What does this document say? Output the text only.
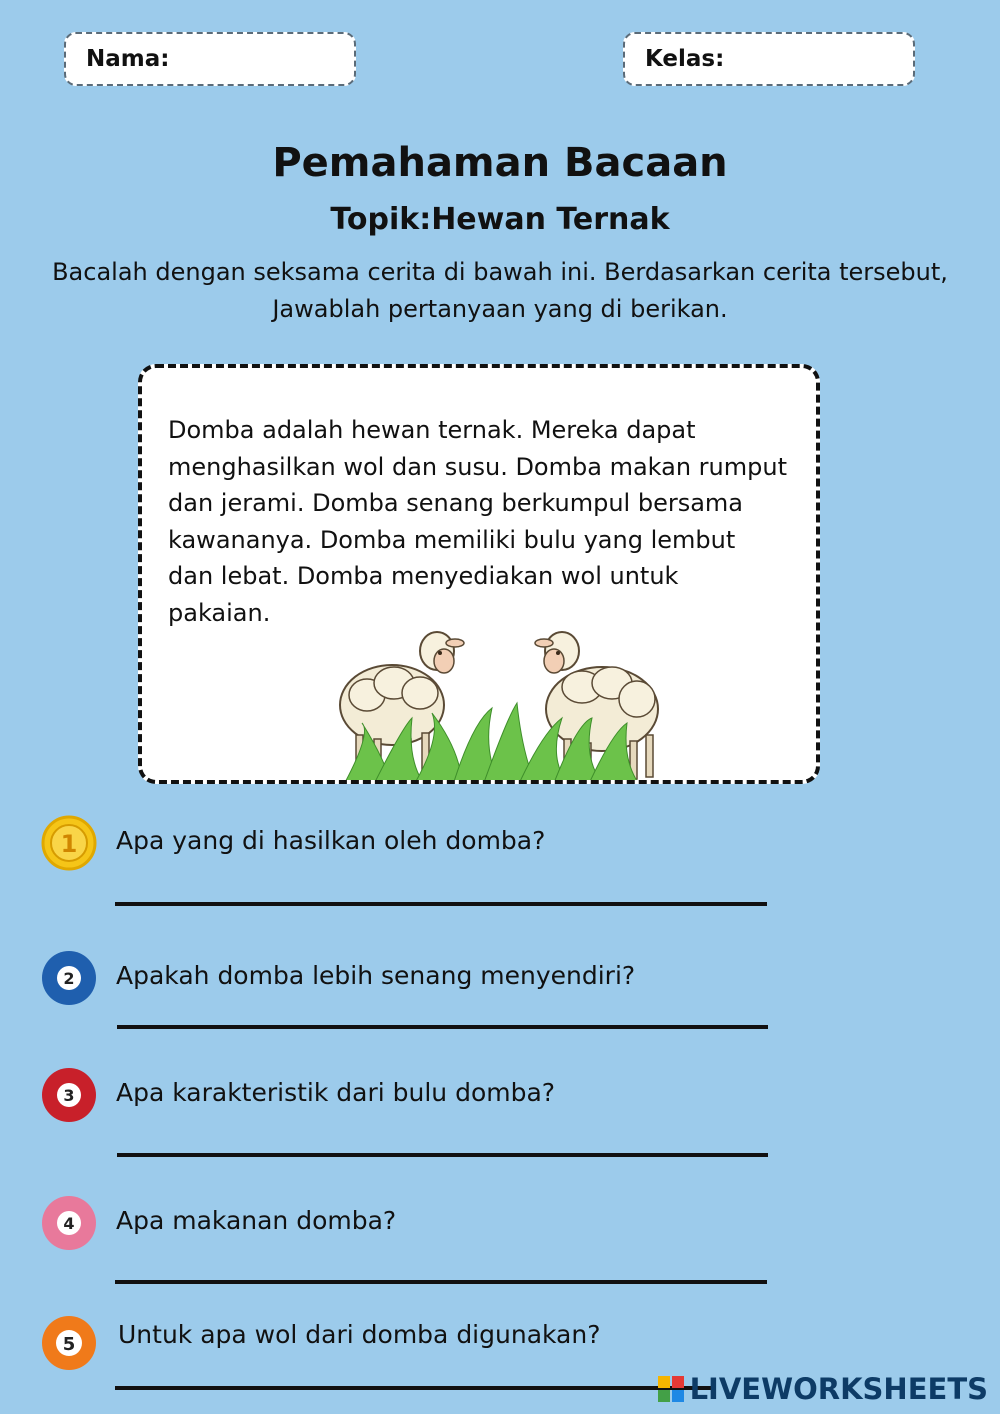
Nama:	Kelas:
Pemahaman Bacaan
Topik:Hewan Ternak

Bacalah dengan seksama cerita di bawah ini. Berdasarkan cerita tersebut, Jawablah pertanyaan yang di berikan.

Domba adalah hewan ternak. Mereka dapat menghasilkan wol dan susu. Domba makan rumput dan jerami. Domba senang berkumpul bersama kawananya. Domba memiliki bulu yang lembut dan lebat. Domba menyediakan wol untuk pakaian.

1 Apa yang di hasilkan oleh domba?
2 Apakah domba lebih senang menyendiri?
3 Apa karakteristik dari bulu domba?
4 Apa makanan domba?
5 Untuk apa wol dari domba digunakan?
LIVEWORKSHEETS
